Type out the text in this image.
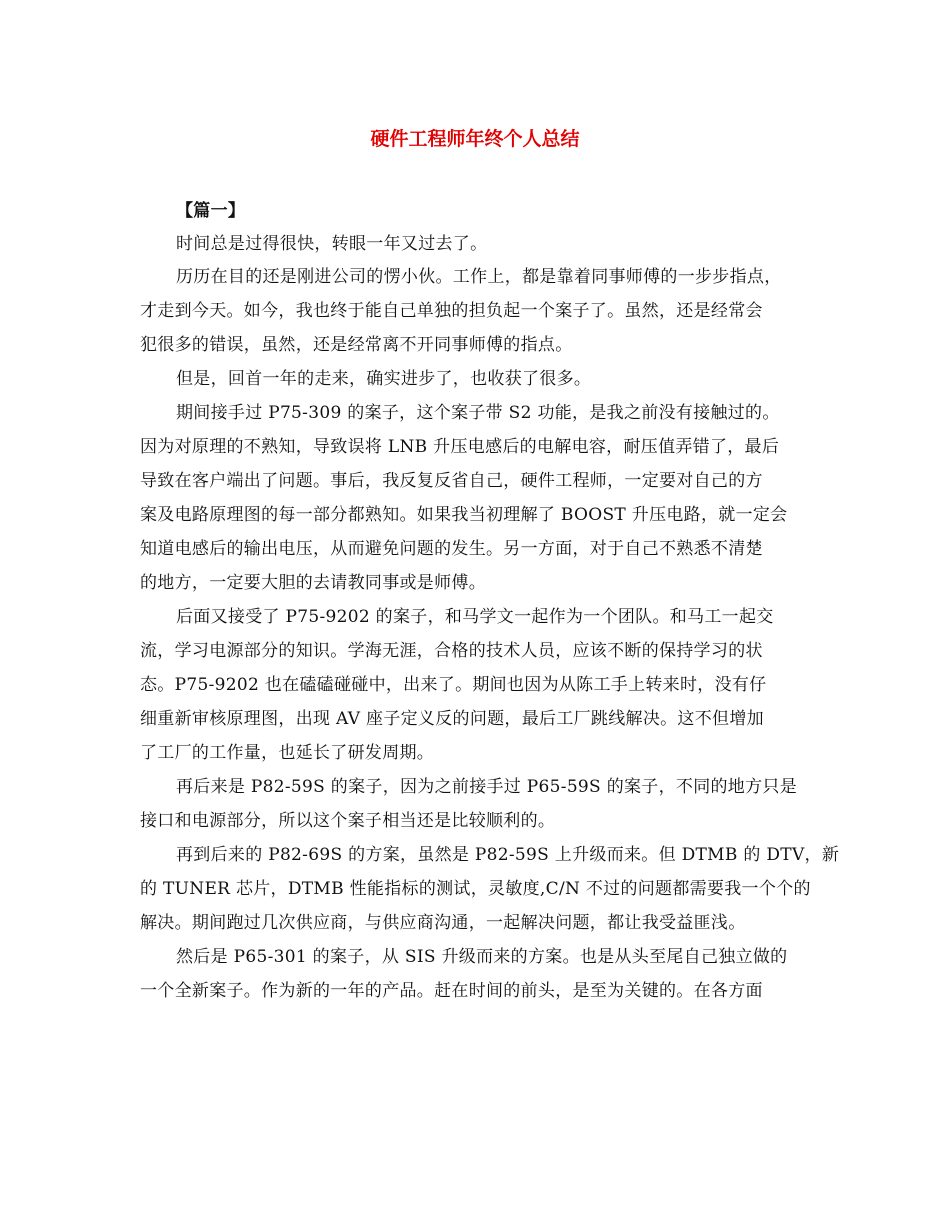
硬件工程师年终个人总结
【篇一】
时间总是过得很快，转眼一年又过去了。
历历在目的还是刚进公司的愣小伙。工作上，都是靠着同事师傅的一步步指点，
才走到今天。如今，我也终于能自己单独的担负起一个案子了。虽然，还是经常会
犯很多的错误，虽然，还是经常离不开同事师傅的指点。
但是，回首一年的走来，确实进步了，也收获了很多。
期间接手过 P75-309 的案子，这个案子带 S2 功能，是我之前没有接触过的。
因为对原理的不熟知，导致误将 LNB 升压电感后的电解电容，耐压值弄错了，最后
导致在客户端出了问题。事后，我反复反省自己，硬件工程师，一定要对自己的方
案及电路原理图的每一部分都熟知。如果我当初理解了 BOOST 升压电路，就一定会
知道电感后的输出电压，从而避免问题的发生。另一方面，对于自己不熟悉不清楚
的地方，一定要大胆的去请教同事或是师傅。
后面又接受了 P75-9202 的案子，和马学文一起作为一个团队。和马工一起交
流，学习电源部分的知识。学海无涯，合格的技术人员，应该不断的保持学习的状
态。P75-9202 也在磕磕碰碰中，出来了。期间也因为从陈工手上转来时，没有仔
细重新审核原理图，出现 AV 座子定义反的问题，最后工厂跳线解决。这不但增加
了工厂的工作量，也延长了研发周期。
再后来是 P82-59S 的案子，因为之前接手过 P65-59S 的案子，不同的地方只是
接口和电源部分，所以这个案子相当还是比较顺利的。
再到后来的 P82-69S 的方案，虽然是 P82-59S 上升级而来。但 DTMB 的 DTV，新
的 TUNER 芯片，DTMB 性能指标的测试，灵敏度,C/N 不过的问题都需要我一个个的
解决。期间跑过几次供应商，与供应商沟通，一起解决问题，都让我受益匪浅。
然后是 P65-301 的案子，从 SIS 升级而来的方案。也是从头至尾自己独立做的
一个全新案子。作为新的一年的产品。赶在时间的前头，是至为关键的。在各方面
